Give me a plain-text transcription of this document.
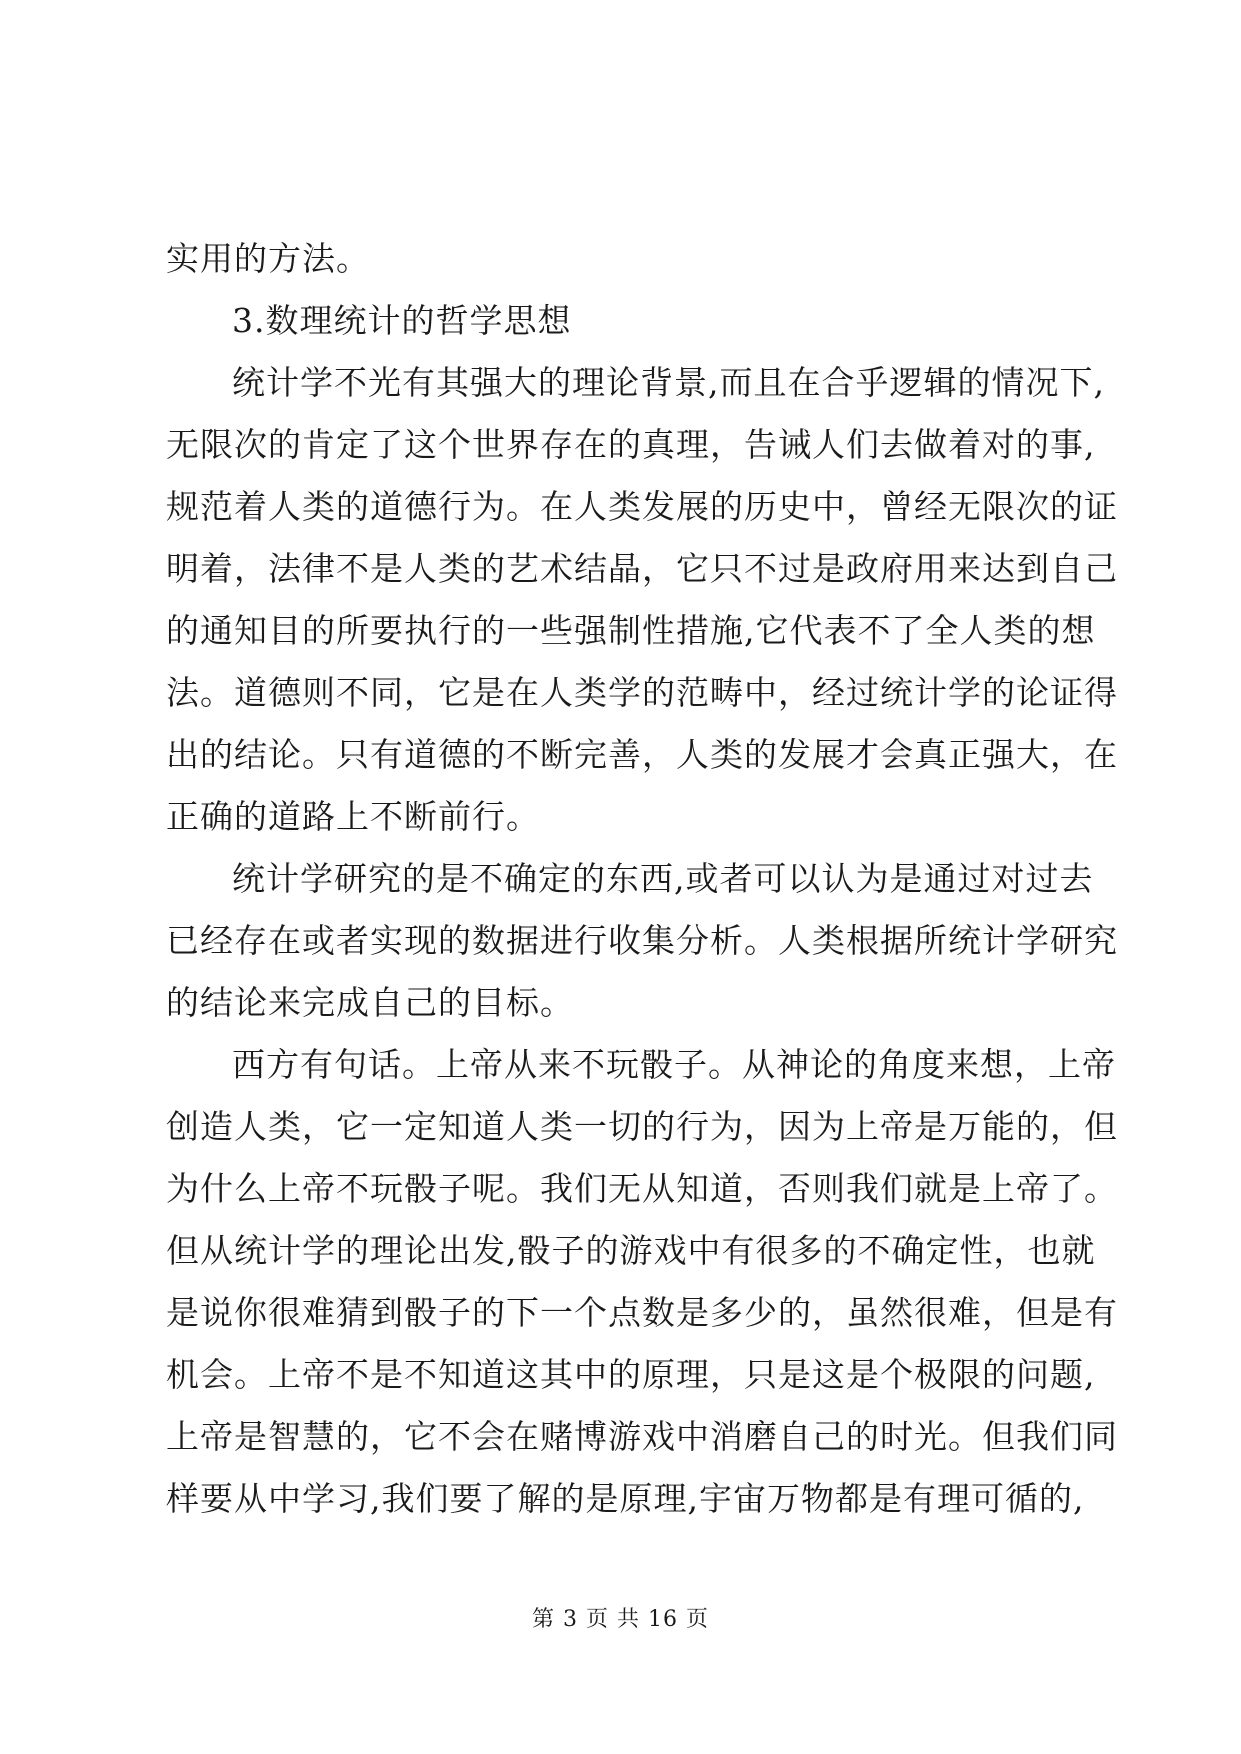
实用的方法。
3.数理统计的哲学思想
统计学不光有其强大的理论背景,而且在合乎逻辑的情况下,
无限次的肯定了这个世界存在的真理，告诫人们去做着对的事,
规范着人类的道德行为。在人类发展的历史中，曾经无限次的证
明着，法律不是人类的艺术结晶，它只不过是政府用来达到自己
的通知目的所要执行的一些强制性措施,它代表不了全人类的想
法。道德则不同，它是在人类学的范畴中，经过统计学的论证得
出的结论。只有道德的不断完善，人类的发展才会真正强大，在
正确的道路上不断前行。
统计学研究的是不确定的东西,或者可以认为是通过对过去
已经存在或者实现的数据进行收集分析。人类根据所统计学研究
的结论来完成自己的目标。
西方有句话。上帝从来不玩骰子。从神论的角度来想，上帝
创造人类，它一定知道人类一切的行为，因为上帝是万能的，但
为什么上帝不玩骰子呢。我们无从知道，否则我们就是上帝了。
但从统计学的理论出发,骰子的游戏中有很多的不确定性，也就
是说你很难猜到骰子的下一个点数是多少的，虽然很难，但是有
机会。上帝不是不知道这其中的原理，只是这是个极限的问题,
上帝是智慧的，它不会在赌博游戏中消磨自己的时光。但我们同
样要从中学习,我们要了解的是原理,宇宙万物都是有理可循的,
第 3 页 共 16 页
